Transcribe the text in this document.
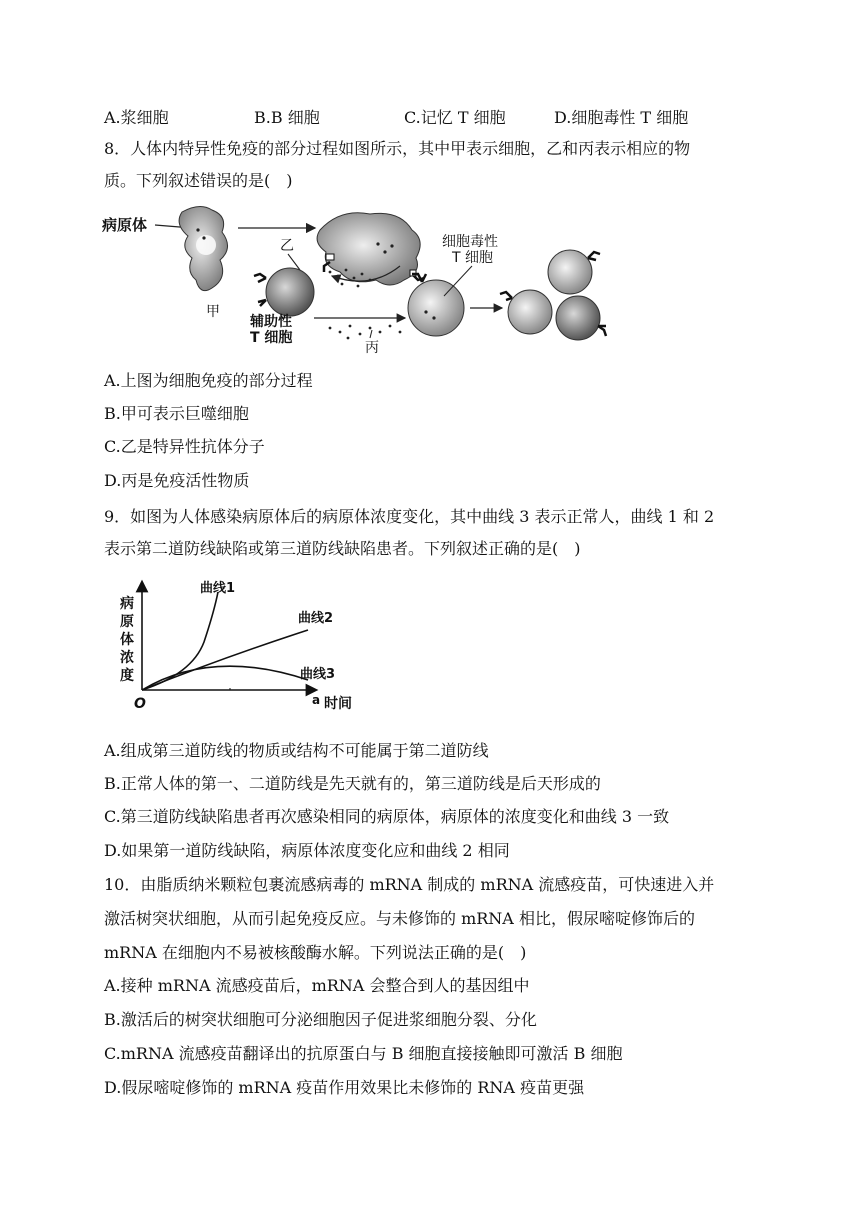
A.浆细胞	B.B 细胞	C.记忆 T 细胞	D.细胞毒性 T 细胞
8．人体内特异性免疫的部分过程如图所示，其中甲表示细胞，乙和丙表示相应的物
质。下列叙述错误的是(　)
病原体
甲
乙
辅助性
T 细胞
丙
细胞毒性
T 细胞
A.上图为细胞免疫的部分过程
B.甲可表示巨噬细胞
C.乙是特异性抗体分子
D.丙是免疫活性物质
9．如图为人体感染病原体后的病原体浓度变化，其中曲线 3 表示正常人，曲线 1 和 2
表示第二道防线缺陷或第三道防线缺陷患者。下列叙述正确的是(　)
病
原
体
浓
度
O	a 时间
曲线1
曲线2
曲线3
A.组成第三道防线的物质或结构不可能属于第二道防线
B.正常人体的第一、二道防线是先天就有的，第三道防线是后天形成的
C.第三道防线缺陷患者再次感染相同的病原体，病原体的浓度变化和曲线 3 一致
D.如果第一道防线缺陷，病原体浓度变化应和曲线 2 相同
10．由脂质纳米颗粒包裹流感病毒的 mRNA 制成的 mRNA 流感疫苗，可快速进入并
激活树突状细胞，从而引起免疫反应。与未修饰的 mRNA 相比，假尿嘧啶修饰后的
mRNA 在细胞内不易被核酸酶水解。下列说法正确的是(　)
A.接种 mRNA 流感疫苗后，mRNA 会整合到人的基因组中
B.激活后的树突状细胞可分泌细胞因子促进浆细胞分裂、分化
C.mRNA 流感疫苗翻译出的抗原蛋白与 B 细胞直接接触即可激活 B 细胞
D.假尿嘧啶修饰的 mRNA 疫苗作用效果比未修饰的 RNA 疫苗更强
